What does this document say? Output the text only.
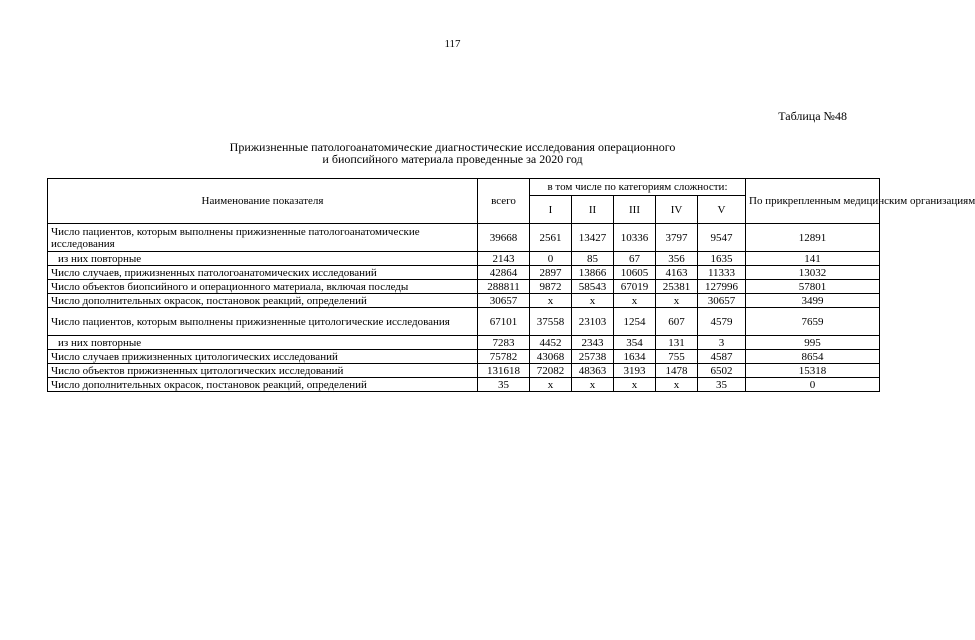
117
Таблица №48
Прижизненные патологоанатомические диагностические исследования операционного
и биопсийного материала проведенные за 2020 год
Наименование показателя	всего	в том числе по категориям сложности:					По прикрепленным медицинским организациям
		I	II	III	IV	V	
Число пациентов, которым выполнены прижизненные патологоанатомические исследования	39668	2561	13427	10336	3797	9547	12891
из них повторные	2143	0	85	67	356	1635	141
Число случаев, прижизненных патологоанатомических исследований	42864	2897	13866	10605	4163	11333	13032
Число объектов биопсийного и операционного материала, включая последы	288811	9872	58543	67019	25381	127996	57801
Число дополнительных окрасок, постановок реакций, определений	30657	x	x	x	x	30657	3499
Число пациентов, которым выполнены прижизненные цитологические исследования	67101	37558	23103	1254	607	4579	7659
из них повторные	7283	4452	2343	354	131	3	995
Число случаев прижизненных цитологических исследований	75782	43068	25738	1634	755	4587	8654
Число объектов прижизненных цитологических исследований	131618	72082	48363	3193	1478	6502	15318
Число дополнительных окрасок, постановок реакций, определений	35	x	x	x	x	35	0
